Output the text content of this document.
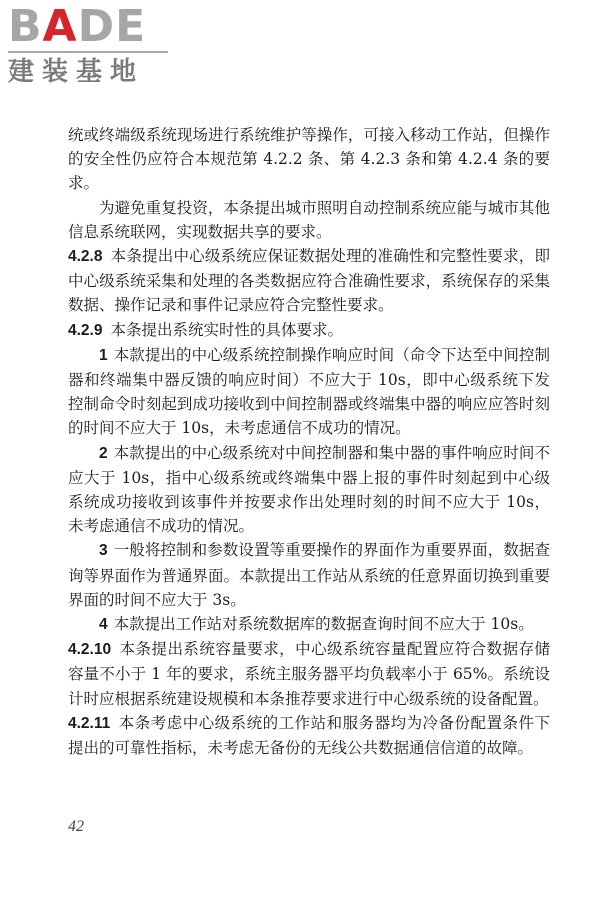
BADE
建装基地

统或终端级系统现场进行系统维护等操作，可接入移动工作站，但操作的安全性仍应符合本规范第 4.2.2 条、第 4.2.3 条和第 4.2.4 条的要求。

为避免重复投资，本条提出城市照明自动控制系统应能与城市其他信息系统联网，实现数据共享的要求。

4.2.8 本条提出中心级系统应保证数据处理的准确性和完整性要求，即中心级系统采集和处理的各类数据应符合准确性要求，系统保存的采集数据、操作记录和事件记录应符合完整性要求。

4.2.9 本条提出系统实时性的具体要求。

1 本款提出的中心级系统控制操作响应时间（命令下达至中间控制器和终端集中器反馈的响应时间）不应大于 10s，即中心级系统下发控制命令时刻起到成功接收到中间控制器或终端集中器的响应应答时刻的时间不应大于 10s，未考虑通信不成功的情况。

2 本款提出的中心级系统对中间控制器和集中器的事件响应时间不应大于 10s，指中心级系统或终端集中器上报的事件时刻起到中心级系统成功接收到该事件并按要求作出处理时刻的时间不应大于 10s，未考虑通信不成功的情况。

3 一般将控制和参数设置等重要操作的界面作为重要界面，数据查询等界面作为普通界面。本款提出工作站从系统的任意界面切换到重要界面的时间不应大于 3s。

4 本款提出工作站对系统数据库的数据查询时间不应大于 10s。

4.2.10 本条提出系统容量要求，中心级系统容量配置应符合数据存储容量不小于 1 年的要求，系统主服务器平均负载率小于 65%。系统设计时应根据系统建设规模和本条推荐要求进行中心级系统的设备配置。

4.2.11 本条考虑中心级系统的工作站和服务器均为冷备份配置条件下提出的可靠性指标，未考虑无备份的无线公共数据通信信道的故障。

42
